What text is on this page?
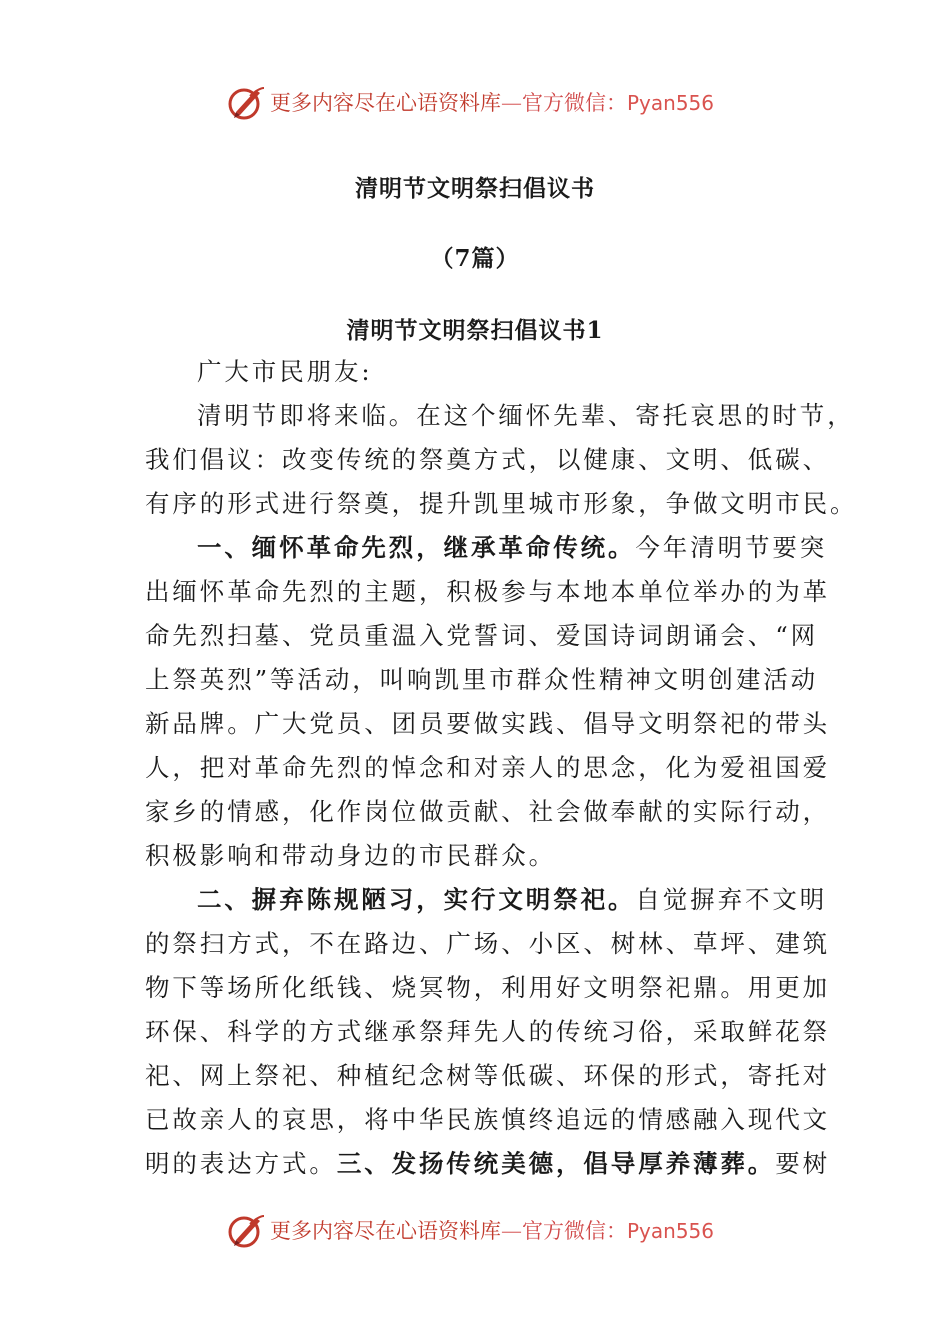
更多内容尽在心语资料库—官方微信：Pyan556
清明节文明祭扫倡议书
（7篇）
清明节文明祭扫倡议书1
广大市民朋友:
清明节即将来临。在这个缅怀先辈、寄托哀思的时节，
我们倡议：改变传统的祭奠方式，以健康、文明、低碳、
有序的形式进行祭奠，提升凯里城市形象，争做文明市民。
一、缅怀革命先烈，继承革命传统。今年清明节要突
出缅怀革命先烈的主题，积极参与本地本单位举办的为革
命先烈扫墓、党员重温入党誓词、爱国诗词朗诵会、“网
上祭英烈”等活动，叫响凯里市群众性精神文明创建活动
新品牌。广大党员、团员要做实践、倡导文明祭祀的带头
人，把对革命先烈的悼念和对亲人的思念，化为爱祖国爱
家乡的情感，化作岗位做贡献、社会做奉献的实际行动，
积极影响和带动身边的市民群众。
二、摒弃陈规陋习，实行文明祭祀。自觉摒弃不文明
的祭扫方式，不在路边、广场、小区、树林、草坪、建筑
物下等场所化纸钱、烧冥物，利用好文明祭祀鼎。用更加
环保、科学的方式继承祭拜先人的传统习俗，采取鲜花祭
祀、网上祭祀、种植纪念树等低碳、环保的形式，寄托对
已故亲人的哀思，将中华民族慎终追远的情感融入现代文
明的表达方式。三、发扬传统美德，倡导厚养薄葬。要树
更多内容尽在心语资料库—官方微信：Pyan556
